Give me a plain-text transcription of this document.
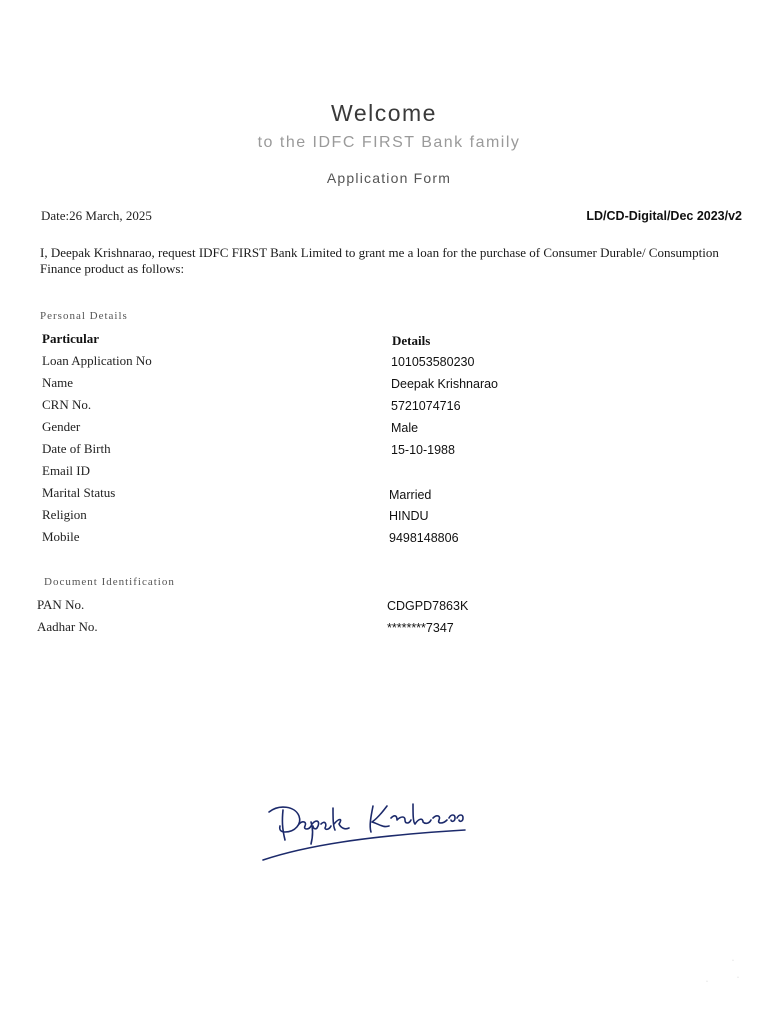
Welcome
to the IDFC FIRST Bank family
Application Form
Date:26 March, 2025	LD/CD-Digital/Dec 2023/v2
I, Deepak Krishnarao, request IDFC FIRST Bank Limited to grant me a loan for the purchase of Consumer Durable/ Consumption Finance product as follows:
Personal Details
Particular	Details
Loan Application No	101053580230
Name	Deepak Krishnarao
CRN No.	5721074716
Gender	Male
Date of Birth	15-10-1988
Email ID
Marital Status	Married
Religion	HINDU
Mobile	9498148806
Document Identification
PAN No.	CDGPD7863K
Aadhar No.	********7347
·
·
·
